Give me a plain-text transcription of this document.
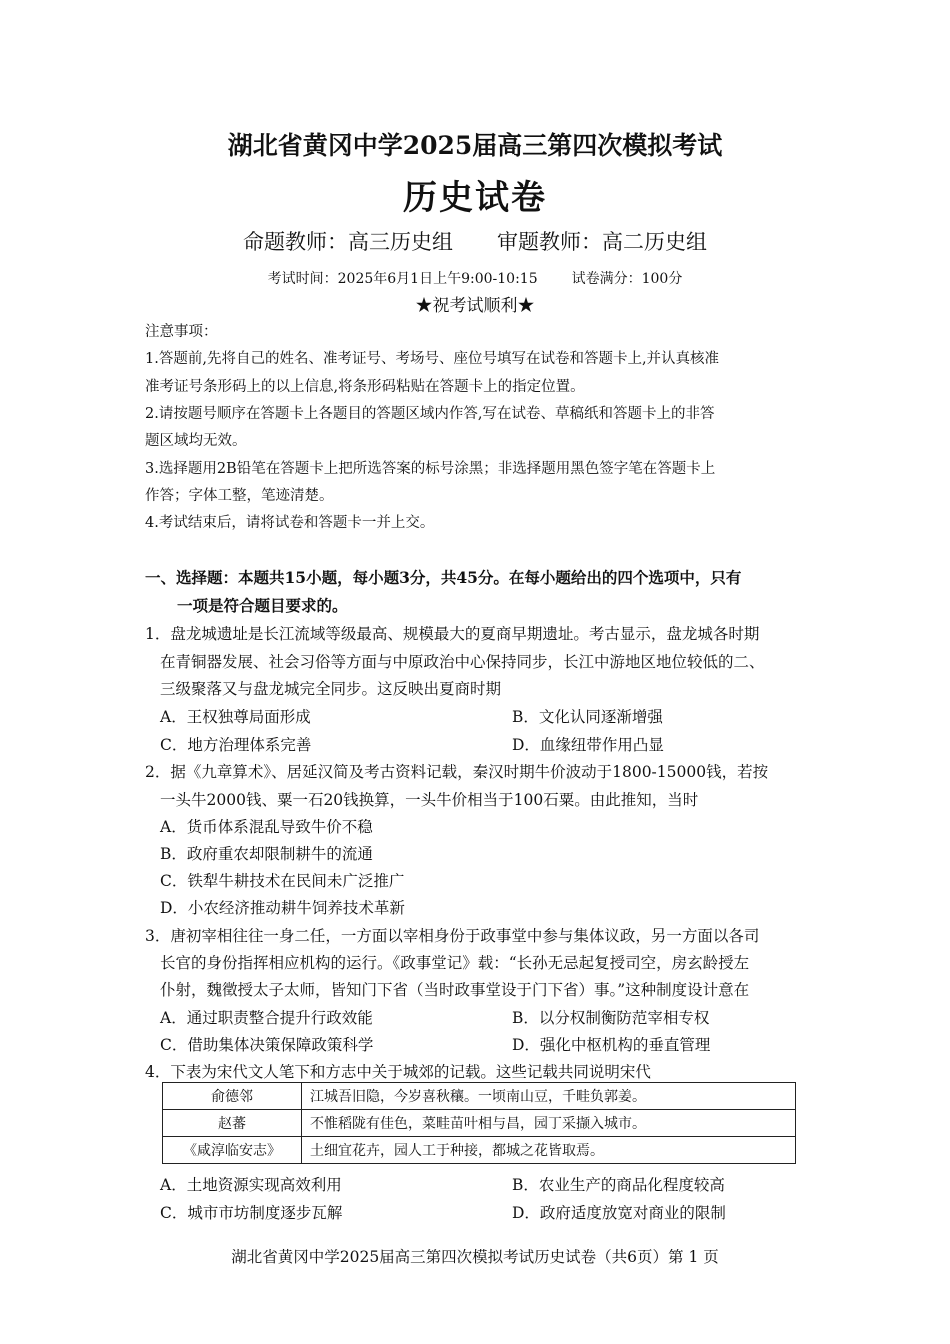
湖北省黄冈中学2025届高三第四次模拟考试
历史试卷
命题教师：高三历史组 审题教师：高二历史组
考试时间：2025年6月1日上午9:00-10:15 试卷满分：100分
★祝考试顺利★
注意事项：
1.答题前,先将自己的姓名、准考证号、考场号、座位号填写在试卷和答题卡上,并认真核准
准考证号条形码上的以上信息,将条形码粘贴在答题卡上的指定位置。
2.请按题号顺序在答题卡上各题目的答题区域内作答,写在试卷、草稿纸和答题卡上的非答
题区域均无效。
3.选择题用2B铅笔在答题卡上把所选答案的标号涂黑；非选择题用黑色签字笔在答题卡上
作答；字体工整，笔迹清楚。
4.考试结束后，请将试卷和答题卡一并上交。
一、选择题：本题共15小题，每小题3分，共45分。在每小题给出的四个选项中，只有
一项是符合题目要求的。
1．盘龙城遗址是长江流域等级最高、规模最大的夏商早期遗址。考古显示，盘龙城各时期
在青铜器发展、社会习俗等方面与中原政治中心保持同步，长江中游地区地位较低的二、
三级聚落又与盘龙城完全同步。这反映出夏商时期
A．王权独尊局面形成	B．文化认同逐渐增强
C．地方治理体系完善	D．血缘纽带作用凸显
2．据《九章算术》、居延汉简及考古资料记载，秦汉时期牛价波动于1800-15000钱，若按
一头牛2000钱、粟一石20钱换算，一头牛价相当于100石粟。由此推知，当时
A．货币体系混乱导致牛价不稳
B．政府重农却限制耕牛的流通
C．铁犁牛耕技术在民间未广泛推广
D．小农经济推动耕牛饲养技术革新
3．唐初宰相往往一身二任，一方面以宰相身份于政事堂中参与集体议政，另一方面以各司
长官的身份指挥相应机构的运行。《政事堂记》载：“长孙无忌起复授司空，房玄龄授左
仆射，魏徵授太子太师，皆知门下省（当时政事堂设于门下省）事。”这种制度设计意在
A．通过职责整合提升行政效能	B．以分权制衡防范宰相专权
C．借助集体决策保障政策科学	D．强化中枢机构的垂直管理
4．下表为宋代文人笔下和方志中关于城郊的记载。这些记载共同说明宋代
俞德邻	江城吾旧隐，今岁喜秋穰。一顷南山豆，千畦负郭姜。
赵蕃	不惟稻陇有佳色，菜畦苗叶相与昌，园丁采撷入城市。
《咸淳临安志》	土细宜花卉，园人工于种接，都城之花皆取焉。
A．土地资源实现高效利用	B．农业生产的商品化程度较高
C．城市市坊制度逐步瓦解	D．政府适度放宽对商业的限制
湖北省黄冈中学2025届高三第四次模拟考试历史试卷（共6页）第 1 页
